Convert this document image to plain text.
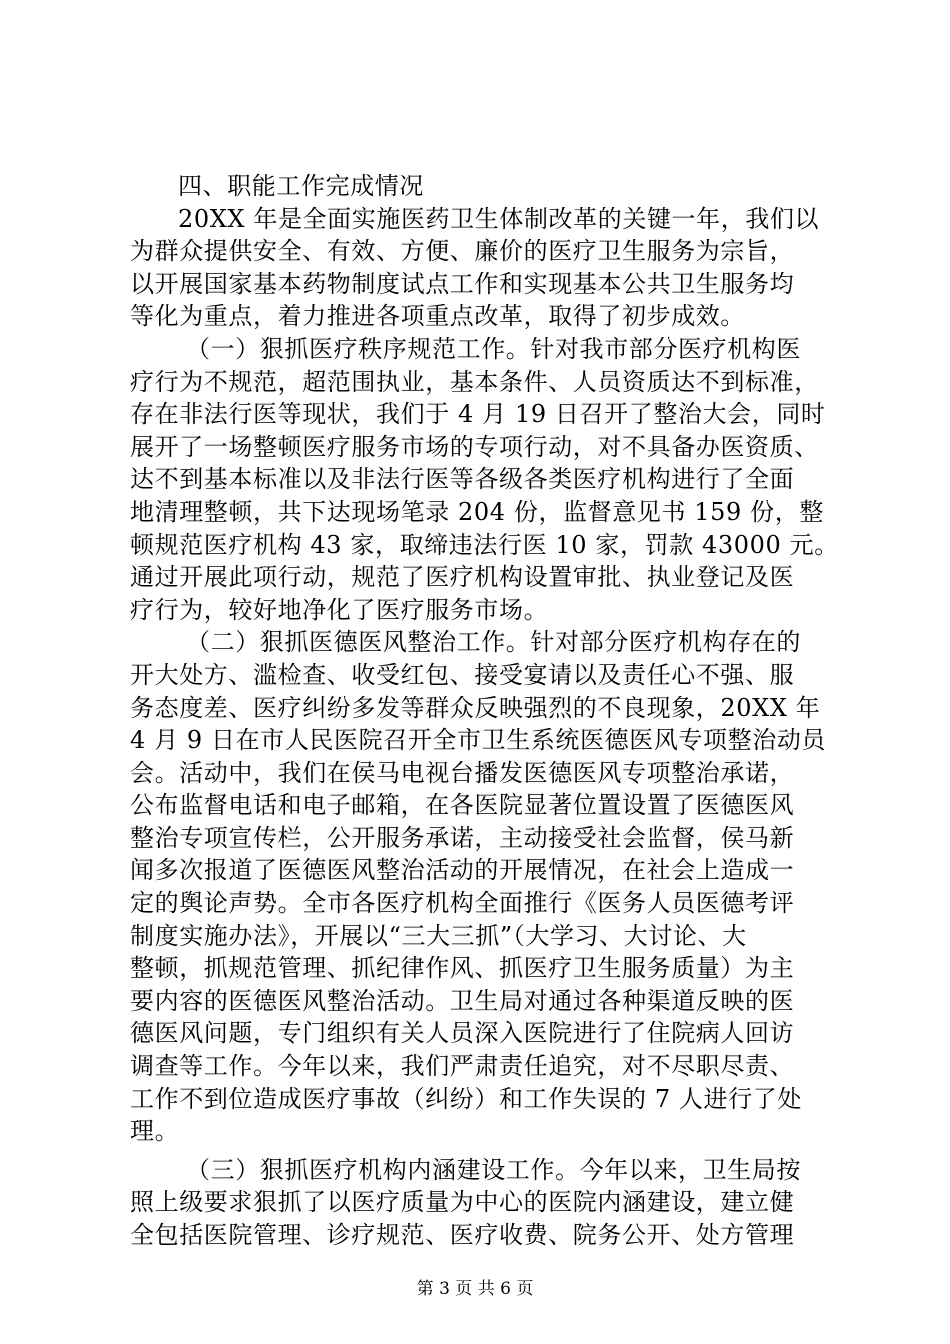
四、职能工作完成情况
20XX 年是全面实施医药卫生体制改革的关键一年，我们以
为群众提供安全、有效、方便、廉价的医疗卫生服务为宗旨，
以开展国家基本药物制度试点工作和实现基本公共卫生服务均
等化为重点，着力推进各项重点改革，取得了初步成效。
（一）狠抓医疗秩序规范工作。针对我市部分医疗机构医
疗行为不规范，超范围执业，基本条件、人员资质达不到标准，
存在非法行医等现状，我们于 4 月 19 日召开了整治大会，同时
展开了一场整顿医疗服务市场的专项行动，对不具备办医资质、
达不到基本标准以及非法行医等各级各类医疗机构进行了全面
地清理整顿，共下达现场笔录 204 份，监督意见书 159 份，整
顿规范医疗机构 43 家，取缔违法行医 10 家，罚款 43000 元。
通过开展此项行动，规范了医疗机构设置审批、执业登记及医
疗行为，较好地净化了医疗服务市场。
（二）狠抓医德医风整治工作。针对部分医疗机构存在的
开大处方、滥检查、收受红包、接受宴请以及责任心不强、服
务态度差、医疗纠纷多发等群众反映强烈的不良现象，20XX 年
4 月 9 日在市人民医院召开全市卫生系统医德医风专项整治动员
会。活动中，我们在侯马电视台播发医德医风专项整治承诺，
公布监督电话和电子邮箱，在各医院显著位置设置了医德医风
整治专项宣传栏，公开服务承诺，主动接受社会监督，侯马新
闻多次报道了医德医风整治活动的开展情况，在社会上造成一
定的舆论声势。全市各医疗机构全面推行《医务人员医德考评
制度实施办法》，开展以“三大三抓”（大学习、大讨论、大
整顿，抓规范管理、抓纪律作风、抓医疗卫生服务质量）为主
要内容的医德医风整治活动。卫生局对通过各种渠道反映的医
德医风问题，专门组织有关人员深入医院进行了住院病人回访
调查等工作。今年以来，我们严肃责任追究，对不尽职尽责、
工作不到位造成医疗事故（纠纷）和工作失误的 7 人进行了处
理。
（三）狠抓医疗机构内涵建设工作。今年以来，卫生局按
照上级要求狠抓了以医疗质量为中心的医院内涵建设，建立健
全包括医院管理、诊疗规范、医疗收费、院务公开、处方管理
第 3 页 共 6 页
